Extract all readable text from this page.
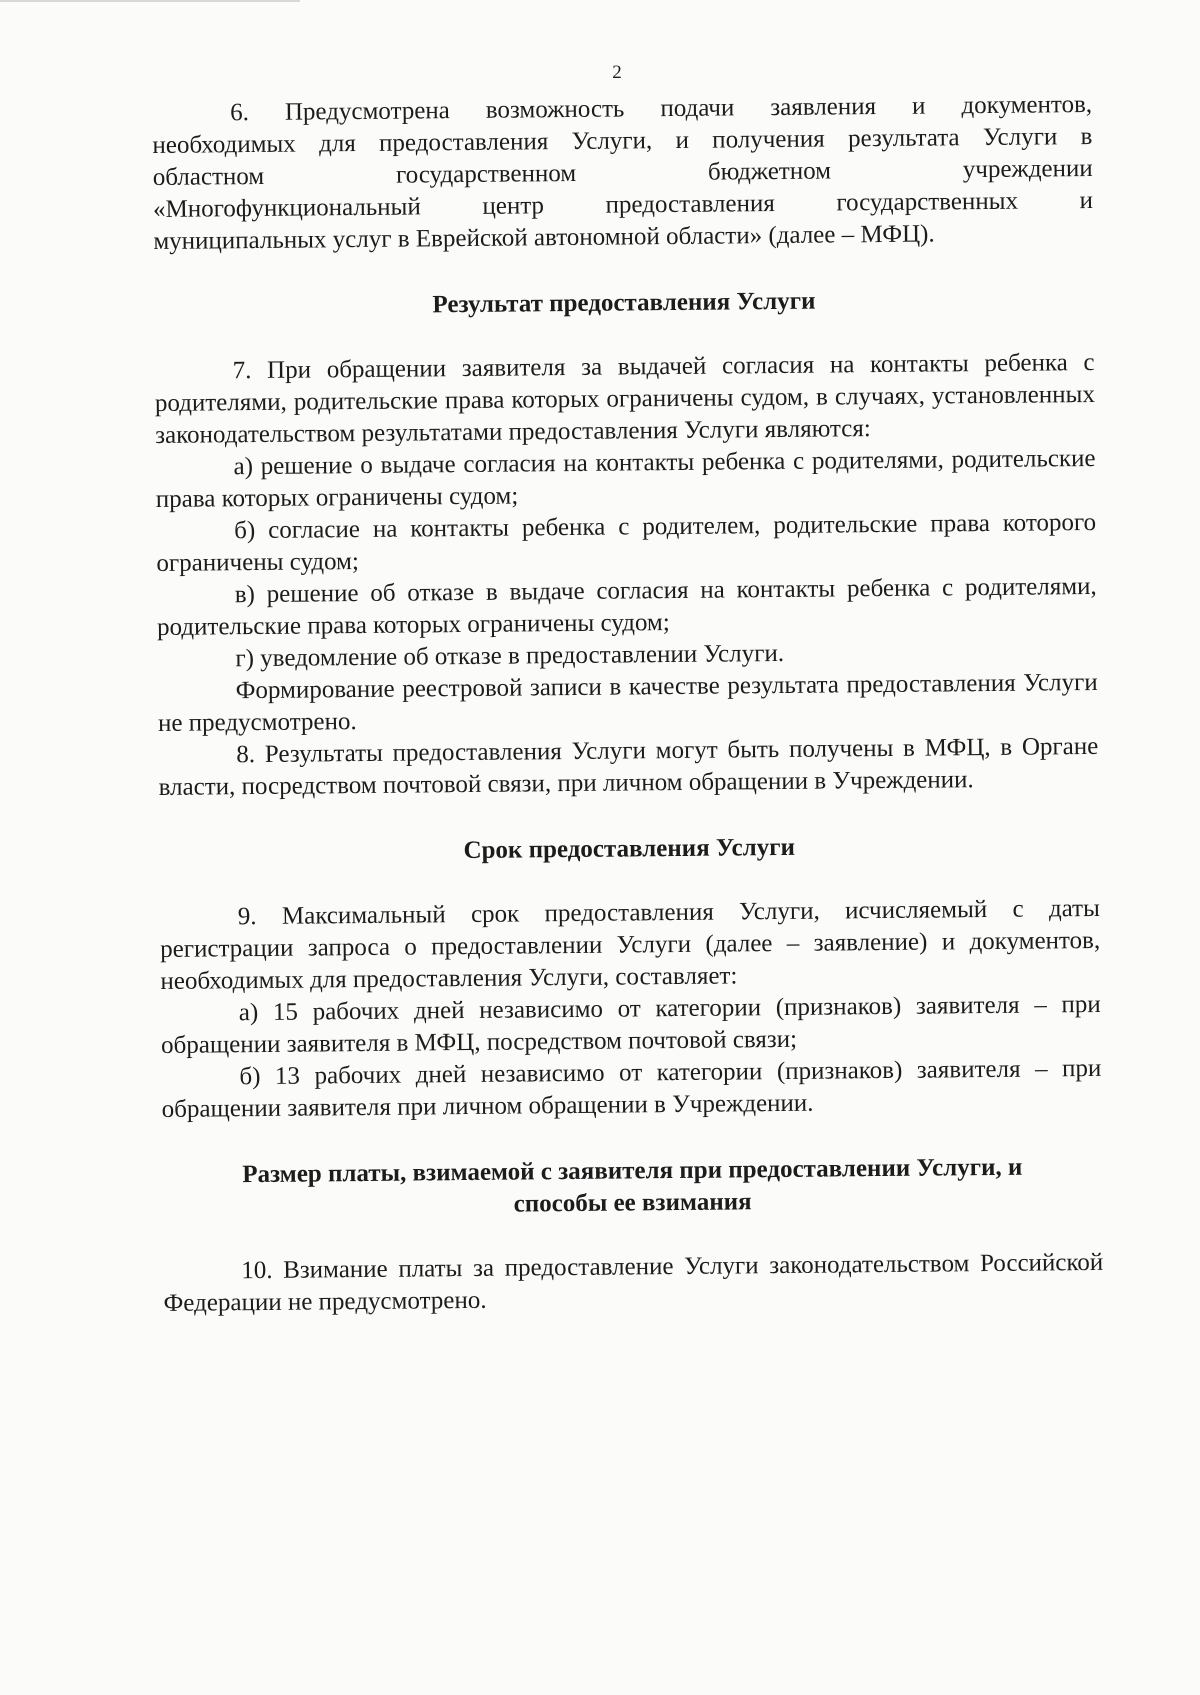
2

6. Предусмотрена возможность подачи заявления и документов,

необходимых для предоставления Услуги, и получения результата Услуги в

областном	государственном	бюджетном	учреждении
«Многофункциональный центр предоставления государственных и

муниципальных услуг в Еврейской автономной области» (далее – МФЦ).

Результат предоставления Услуги

7. При обращении заявителя за выдачей согласия на контакты ребенка с родителями, родительские права которых ограничены судом, в случаях, установленных законодательством результатами предоставления Услуги являются:

а) решение о выдаче согласия на контакты ребенка с родителями, родительские права которых ограничены судом;

б) согласие на контакты ребенка с родителем, родительские права которого ограничены судом;

в) решение об отказе в выдаче согласия на контакты ребенка с родителями, родительские права которых ограничены судом;

г) уведомление об отказе в предоставлении Услуги.

Формирование реестровой записи в качестве результата предоставления Услуги не предусмотрено.

8. Результаты предоставления Услуги могут быть получены в МФЦ, в Органе власти, посредством почтовой связи, при личном обращении в Учреждении.

Срок предоставления Услуги

9. Максимальный срок предоставления Услуги, исчисляемый с даты регистрации запроса о предоставлении Услуги (далее – заявление) и документов, необходимых для предоставления Услуги, составляет:

а) 15 рабочих дней независимо от категории (признаков) заявителя – при обращении заявителя в МФЦ, посредством почтовой связи;

б) 13 рабочих дней независимо от категории (признаков) заявителя – при обращении заявителя при личном обращении в Учреждении.

Размер платы, взимаемой с заявителя при предоставлении Услуги, и

способы ее взимания

10. Взимание платы за предоставление Услуги законодательством Российской Федерации не предусмотрено.
